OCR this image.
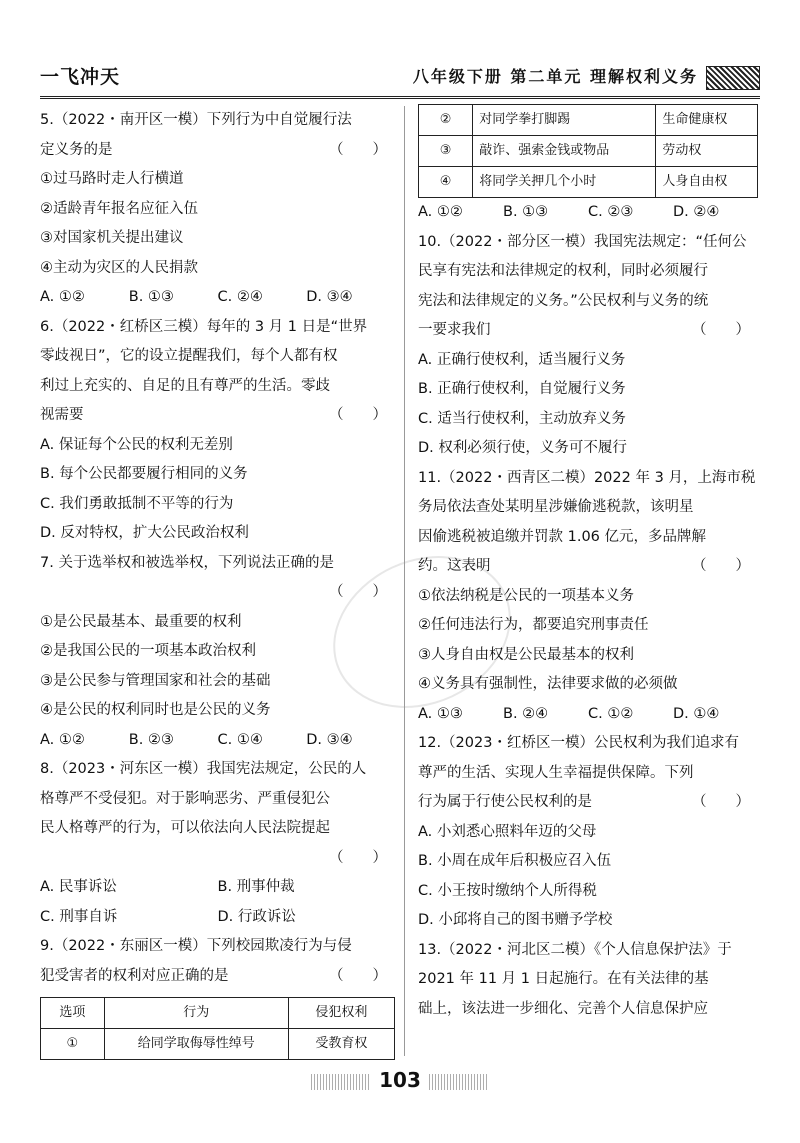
一飞冲天	八年级下册 第二单元 理解权利义务
5.（2022・南开区一模）下列行为中自觉履行法
定义务的是	（　　）
①过马路时走人行横道
②适龄青年报名应征入伍
③对国家机关提出建议
④主动为灾区的人民捐款
A. ①②	B. ①③	C. ②④	D. ③④
6.（2022・红桥区三模）每年的 3 月 1 日是“世界
零歧视日”，它的设立提醒我们，每个人都有权
利过上充实的、自足的且有尊严的生活。零歧
视需要	（　　）
A. 保证每个公民的权利无差别
B. 每个公民都要履行相同的义务
C. 我们勇敢抵制不平等的行为
D. 反对特权，扩大公民政治权利
7. 关于选举权和被选举权，下列说法正确的是
（　　）

①是公民最基本、最重要的权利
②是我国公民的一项基本政治权利
③是公民参与管理国家和社会的基础
④是公民的权利同时也是公民的义务
A. ①②	B. ②③	C. ①④	D. ③④
8.（2023・河东区一模）我国宪法规定，公民的人
格尊严不受侵犯。对于影响恶劣、严重侵犯公
民人格尊严的行为，可以依法向人民法院提起
（　　）

A. 民事诉讼	B. 刑事仲裁
C. 刑事自诉	D. 行政诉讼
9.（2022・东丽区一模）下列校园欺凌行为与侵
犯受害者的权利对应正确的是	（　　）
选项	行为	侵犯权利
①	给同学取侮辱性绰号	受教育权
②	对同学拳打脚踢	生命健康权
③	敲诈、强索金钱或物品	劳动权
④	将同学关押几个小时	人身自由权
A. ①②	B. ①③	C. ②③	D. ②④
10.（2022・部分区一模）我国宪法规定：“任何公
民享有宪法和法律规定的权利，同时必须履行
宪法和法律规定的义务。”公民权利与义务的统
一要求我们	（　　）
A. 正确行使权利，适当履行义务
B. 正确行使权利，自觉履行义务
C. 适当行使权利，主动放弃义务
D. 权利必须行使，义务可不履行
11.（2022・西青区二模）2022 年 3 月，上海市税
务局依法查处某明星涉嫌偷逃税款，该明星
因偷逃税被追缴并罚款 1.06 亿元，多品牌解
约。这表明	（　　）
①依法纳税是公民的一项基本义务
②任何违法行为，都要追究刑事责任
③人身自由权是公民最基本的权利
④义务具有强制性，法律要求做的必须做
A. ①③	B. ②④	C. ①②	D. ①④
12.（2023・红桥区一模）公民权利为我们追求有
尊严的生活、实现人生幸福提供保障。下列
行为属于行使公民权利的是	（　　）
A. 小刘悉心照料年迈的父母
B. 小周在成年后积极应召入伍
C. 小王按时缴纳个人所得税
D. 小邱将自己的图书赠予学校
13.（2022・河北区二模）《个人信息保护法》于
2021 年 11 月 1 日起施行。在有关法律的基
础上，该法进一步细化、完善个人信息保护应
103
